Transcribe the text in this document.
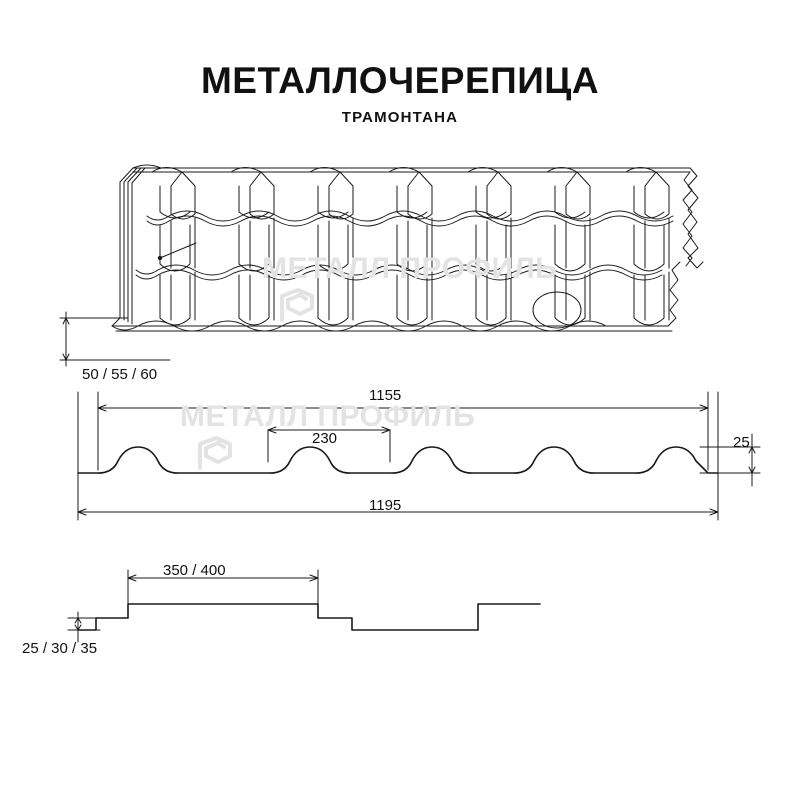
МЕТАЛЛОЧЕРЕПИЦА
ТРАМОНТАНА
МЕТАЛЛ ПРОФИЛЬ
МЕТАЛЛ ПРОФИЛЬ
50 / 55 / 60
1155
230	25
1195
350 / 400
25 / 30 / 35
